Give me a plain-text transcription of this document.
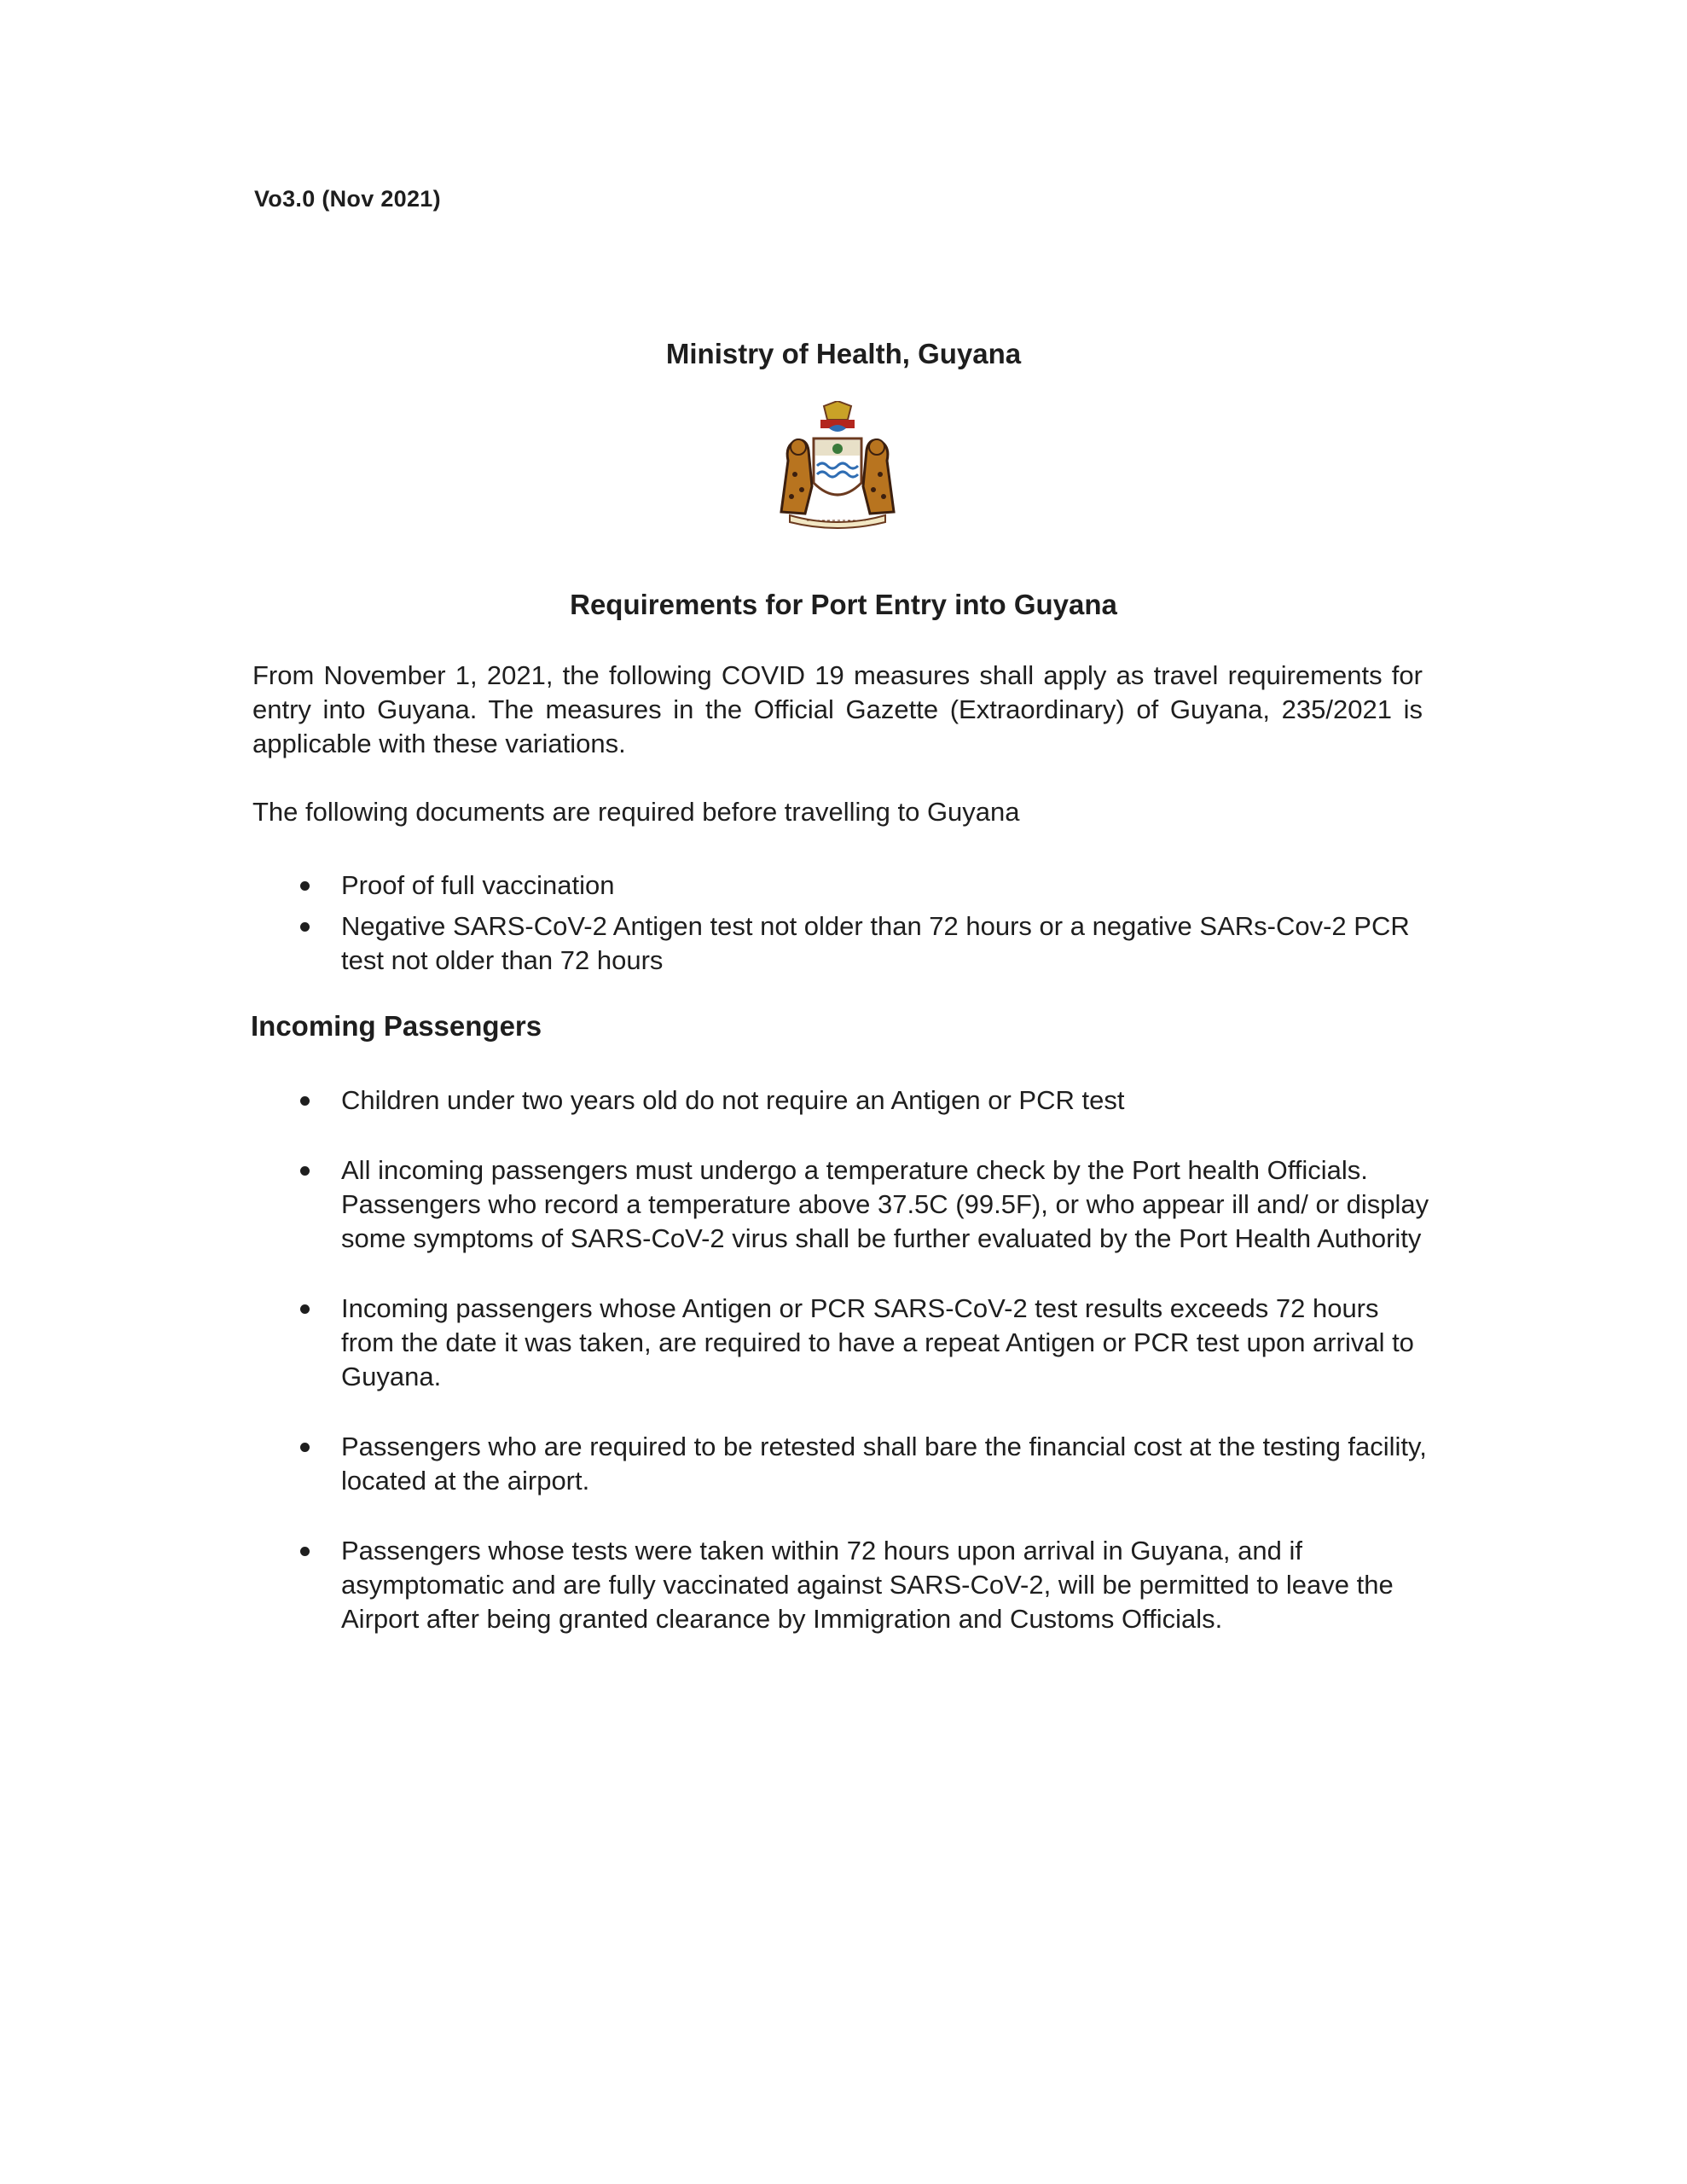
Vo3.0 (Nov 2021)
Ministry of Health, Guyana
Requirements for Port Entry into Guyana

From November 1, 2021, the following COVID 19 measures shall apply as travel requirements for entry into Guyana. The measures in the Official Gazette (Extraordinary) of Guyana, 235/2021 is applicable with these variations.

The following documents are required before travelling to Guyana

Proof of full vaccination
Negative SARS-CoV-2 Antigen test not older than 72 hours or a negative SARs-Cov-2 PCR test not older than 72 hours
Incoming Passengers
Children under two years old do not require an Antigen or PCR test
All incoming passengers must undergo a temperature check by the Port health Officials. Passengers who record a temperature above 37.5C (99.5F), or who appear ill and/ or display some symptoms of SARS-CoV-2 virus shall be further evaluated by the Port Health Authority
Incoming passengers whose Antigen or PCR SARS-CoV-2 test results exceeds 72 hours from the date it was taken, are required to have a repeat Antigen or PCR test upon arrival to Guyana.
Passengers who are required to be retested shall bare the financial cost at the testing facility, located at the airport.
Passengers whose tests were taken within 72 hours upon arrival in Guyana, and if asymptomatic and are fully vaccinated against SARS-CoV-2, will be permitted to leave the Airport after being granted clearance by Immigration and Customs Officials.
